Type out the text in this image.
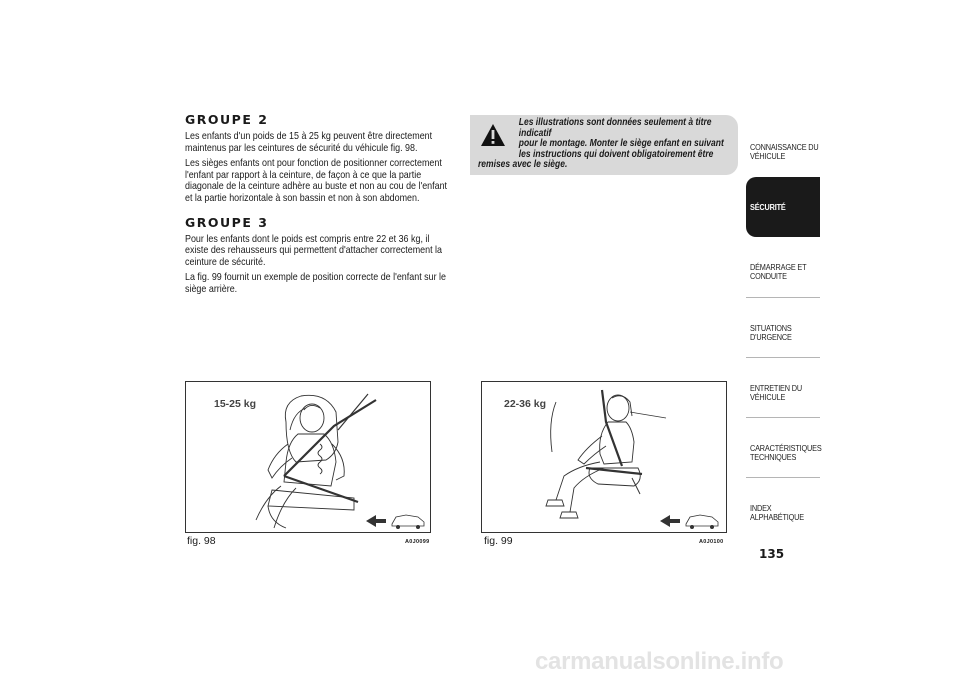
GROUPE 2

Les enfants d'un poids de 15 à 25 kg peuvent être directement maintenus par les ceintures de sécurité du véhicule fig. 98.

Les sièges enfants ont pour fonction de positionner correctement l'enfant par rapport à la ceinture, de façon à ce que la partie diagonale de la ceinture adhère au buste et non au cou de l'enfant et la partie horizontale à son bassin et non à son abdomen.

GROUPE 3

Pour les enfants dont le poids est compris entre 22 et 36 kg, il existe des rehausseurs qui permettent d'attacher correctement la ceinture de sécurité.

La fig. 99 fournit un exemple de position correcte de l'enfant sur le siège arrière.

Les illustrations sont données seulement à titre indicatif
pour le montage. Monter le siège enfant en suivant
les instructions qui doivent obligatoirement être
remises avec le siège.
15-25 kg
fig. 98	A0J0099
22-36 kg
fig. 99	A0J0100
CONNAISSANCE DU
VÉHICULE
SÉCURITÉ
DÉMARRAGE ET
CONDUITE
SITUATIONS
D'URGENCE
ENTRETIEN DU
VÉHICULE
CARACTÉRISTIQUES
TECHNIQUES
INDEX
ALPHABÉTIQUE
135
carmanualsonline.info
